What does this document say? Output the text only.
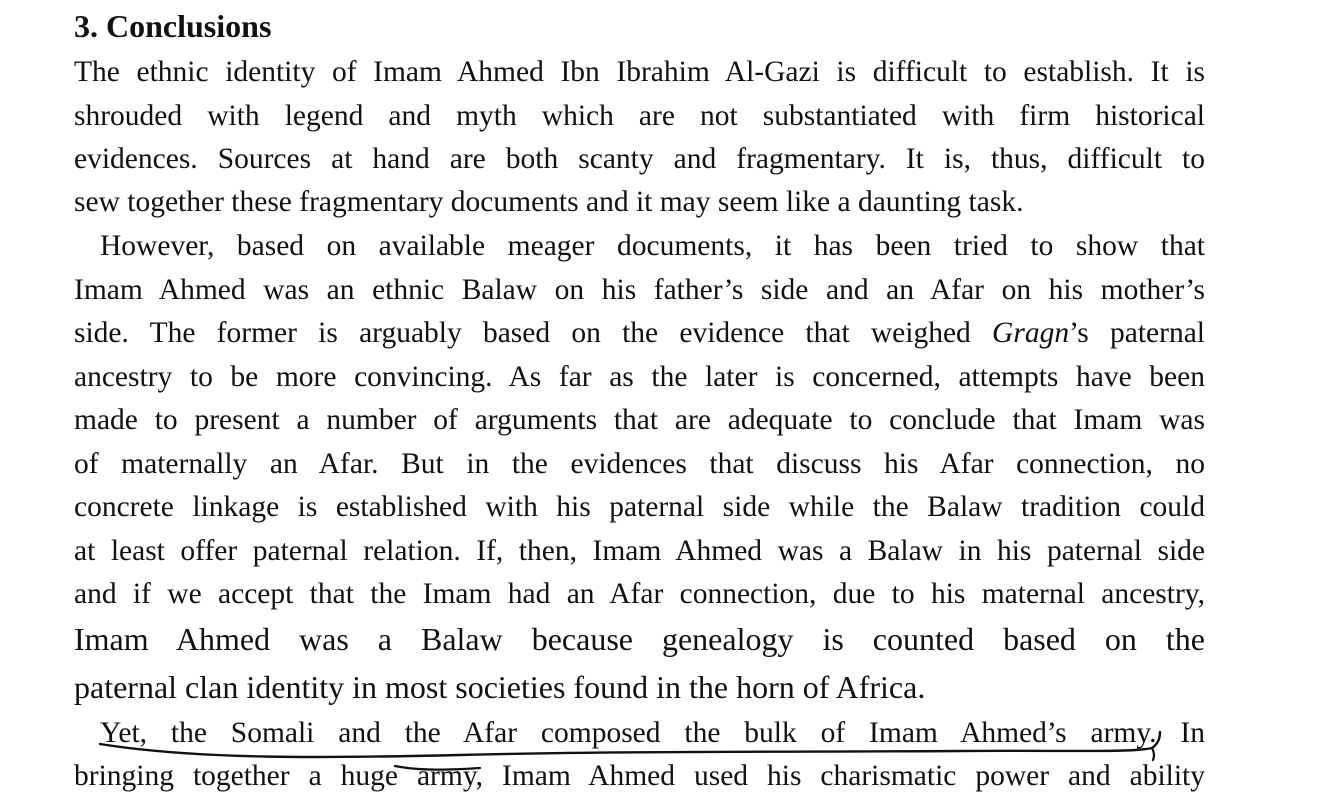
3. Conclusions
The ethnic identity of Imam Ahmed Ibn Ibrahim Al-Gazi is difficult to establish. It is
shrouded with legend and myth which are not substantiated with firm historical
evidences. Sources at hand are both scanty and fragmentary. It is, thus, difficult to
sew together these fragmentary documents and it may seem like a daunting task.
However, based on available meager documents, it has been tried to show that
Imam Ahmed was an ethnic Balaw on his father’s side and an Afar on his mother’s
side. The former is arguably based on the evidence that weighed Gragn’s paternal
ancestry to be more convincing. As far as the later is concerned, attempts have been
made to present a number of arguments that are adequate to conclude that Imam was
of maternally an Afar. But in the evidences that discuss his Afar connection, no
concrete linkage is established with his paternal side while the Balaw tradition could
at least offer paternal relation. If, then, Imam Ahmed was a Balaw in his paternal side
and if we accept that the Imam had an Afar connection, due to his maternal ancestry,
Imam Ahmed was a Balaw because genealogy is counted based on the
paternal clan identity in most societies found in the horn of Africa.
Yet, the Somali and the Afar composed the bulk of Imam Ahmed’s army. In
bringing together a huge army, Imam Ahmed used his charismatic power and ability
